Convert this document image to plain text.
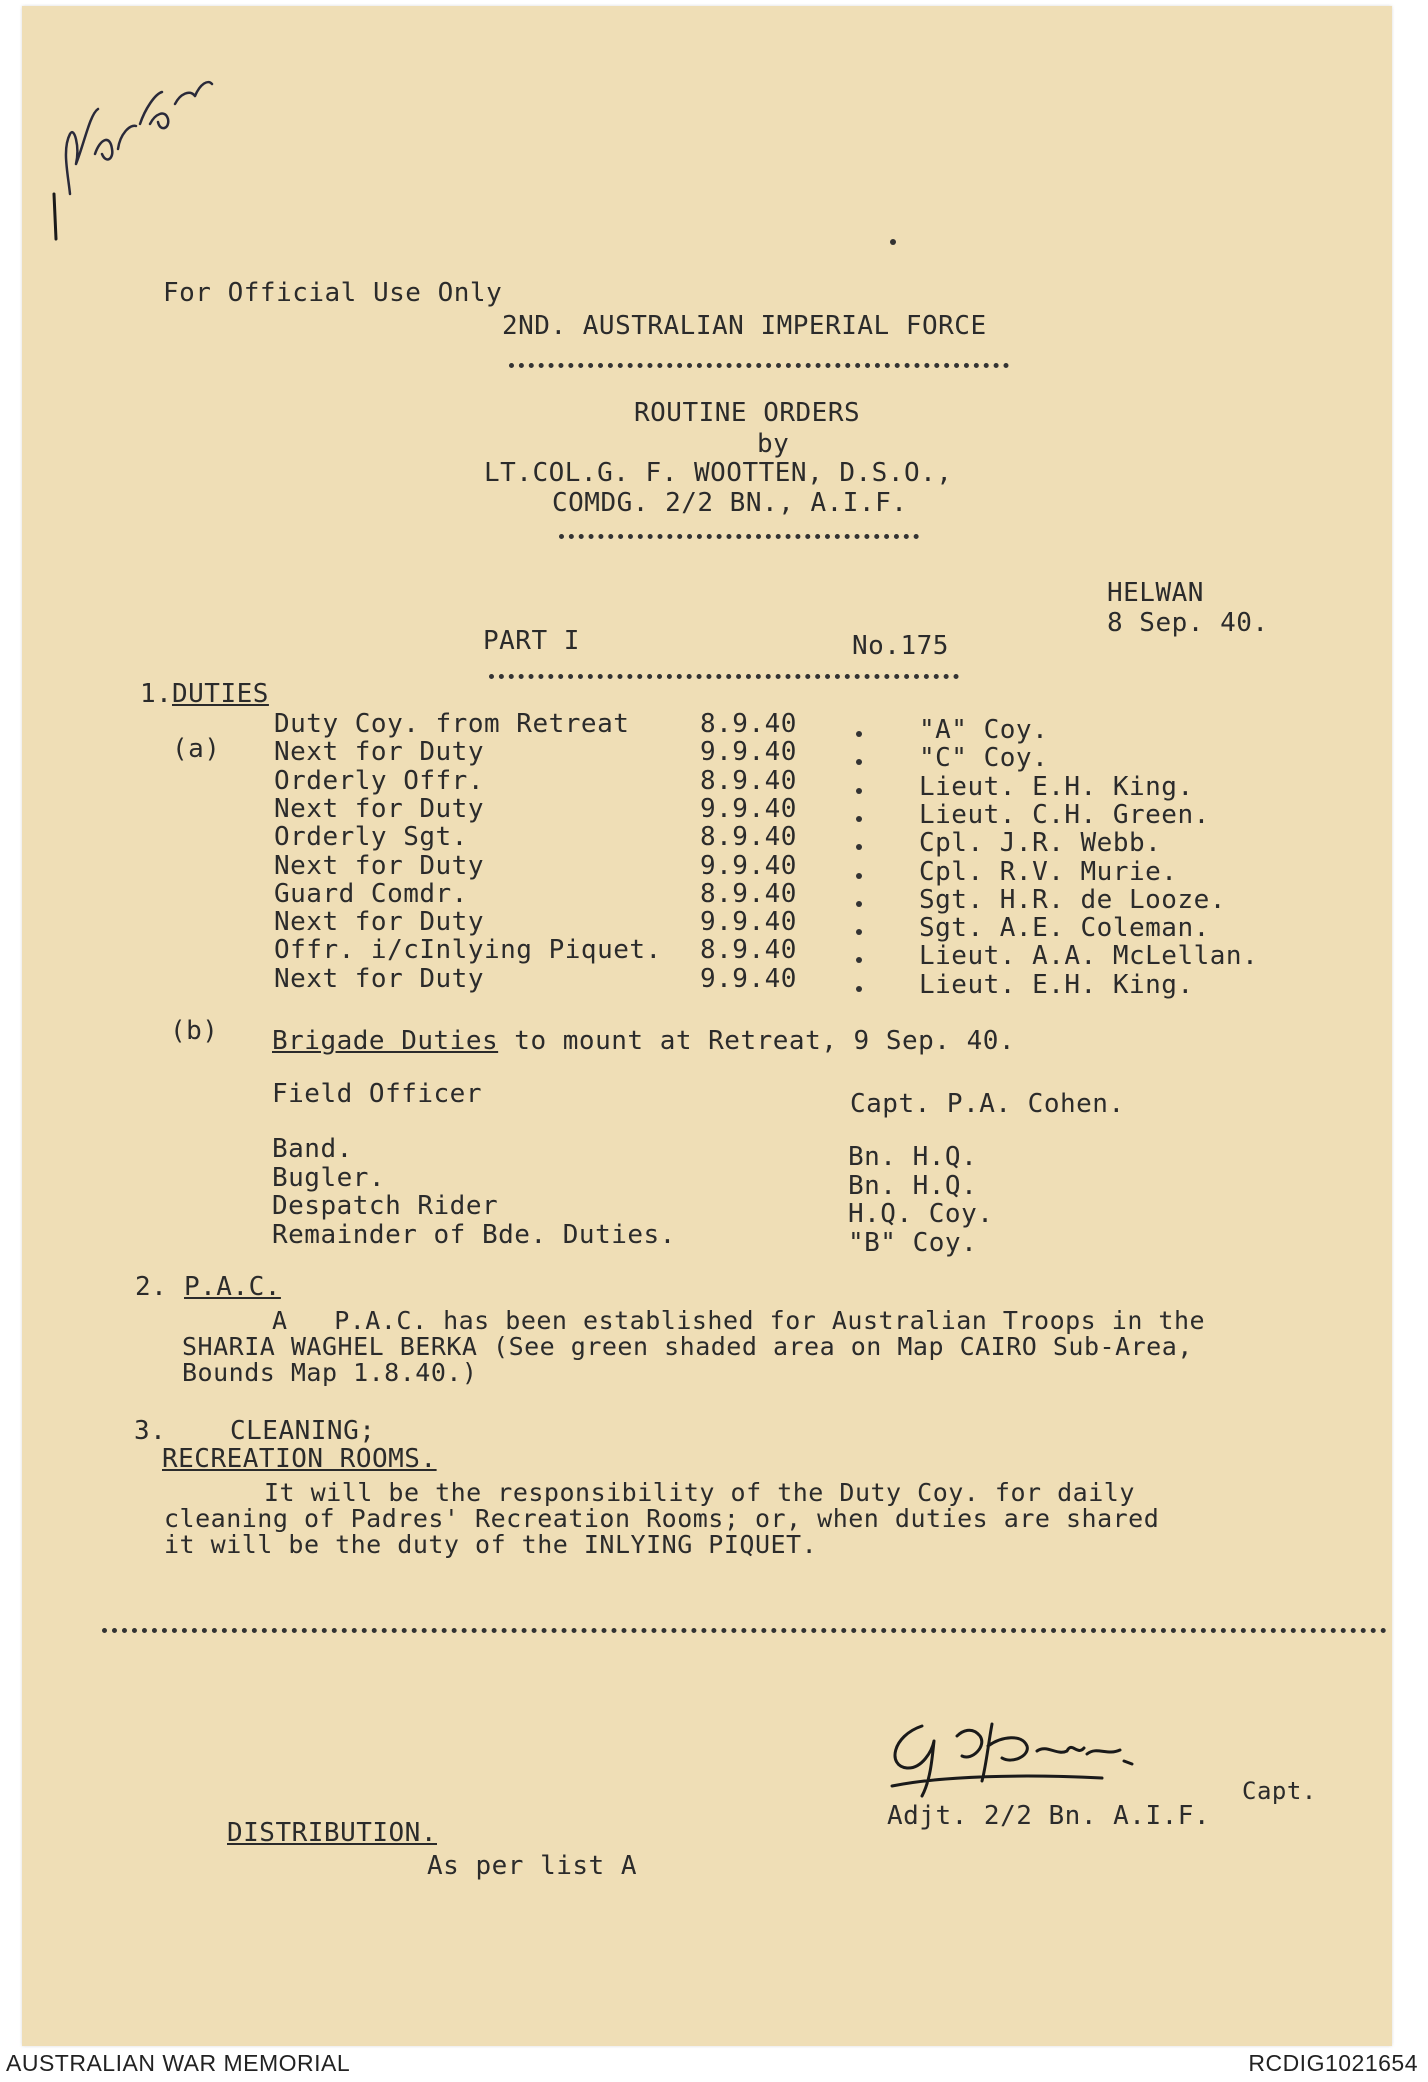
For Official Use Only
2ND. AUSTRALIAN IMPERIAL FORCE
ROUTINE ORDERS
by
LT.COL.G. F. WOOTTEN, D.S.O.,
COMDG. 2/2 BN., A.I.F.
HELWAN
8 Sep. 40.
PART I	No.175
1. DUTIES
(a)
Duty Coy. from Retreat	8.9.40	"A" Coy.
Next for Duty	9.9.40	"C" Coy.
Orderly Offr.	8.9.40	Lieut. E.H. King.
Next for Duty	9.9.40	Lieut. C.H. Green.
Orderly Sgt.	8.9.40	Cpl. J.R. Webb.
Next for Duty	9.9.40	Cpl. R.V. Murie.
Guard Comdr.	8.9.40	Sgt. H.R. de Looze.
Next for Duty	9.9.40	Sgt. A.E. Coleman.
Offr. i/cInlying Piquet. 8.9.40	Lieut. A.A. McLellan.
Next for Duty	9.9.40	Lieut. E.H. King.
(b) Brigade Duties to mount at Retreat, 9 Sep. 40.
Field Officer	Capt. P.A. Cohen.
Band.	Bn. H.Q.
Bugler.	Bn. H.Q.
Despatch Rider	H.Q. Coy.
Remainder of Bde. Duties.	"B" Coy.
2. P.A.C.
A   P.A.C. has been established for Australian Troops in the
SHARIA WAGHEL BERKA (See green shaded area on Map CAIRO Sub-Area,
Bounds Map 1.8.40.)
3. CLEANING;
RECREATION ROOMS.
It will be the responsibility of the Duty Coy. for daily
cleaning of Padres' Recreation Rooms; or, when duties are shared
it will be the duty of the INLYING PIQUET.
Capt.
Adjt. 2/2 Bn. A.I.F.
DISTRIBUTION.
As per list A
AUSTRALIAN WAR MEMORIAL	RCDIG1021654
